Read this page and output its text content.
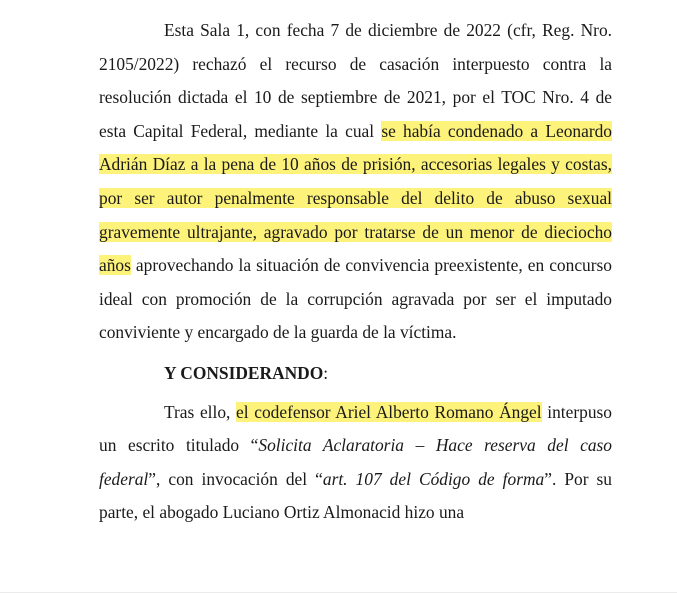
Esta Sala 1, con fecha 7 de diciembre de 2022 (cfr, Reg. Nro. 2105/2022) rechazó el recurso de casación interpuesto contra la resolución dictada el 10 de septiembre de 2021, por el TOC Nro. 4 de esta Capital Federal, mediante la cual se había condenado a Leonardo Adrián Díaz a la pena de 10 años de prisión, accesorias legales y costas, por ser autor penalmente responsable del delito de abuso sexual gravemente ultrajante, agravado por tratarse de un menor de dieciocho años aprovechando la situación de convivencia preexistente, en concurso ideal con promoción de la corrupción agravada por ser el imputado conviviente y encargado de la guarda de la víctima.

Y CONSIDERANDO:

Tras ello, el codefensor Ariel Alberto Romano Ángel interpuso un escrito titulado “Solicita Aclaratoria – Hace reserva del caso federal”, con invocación del “art. 107 del Código de forma”. Por su parte, el abogado Luciano Ortiz Almonacid hizo una
